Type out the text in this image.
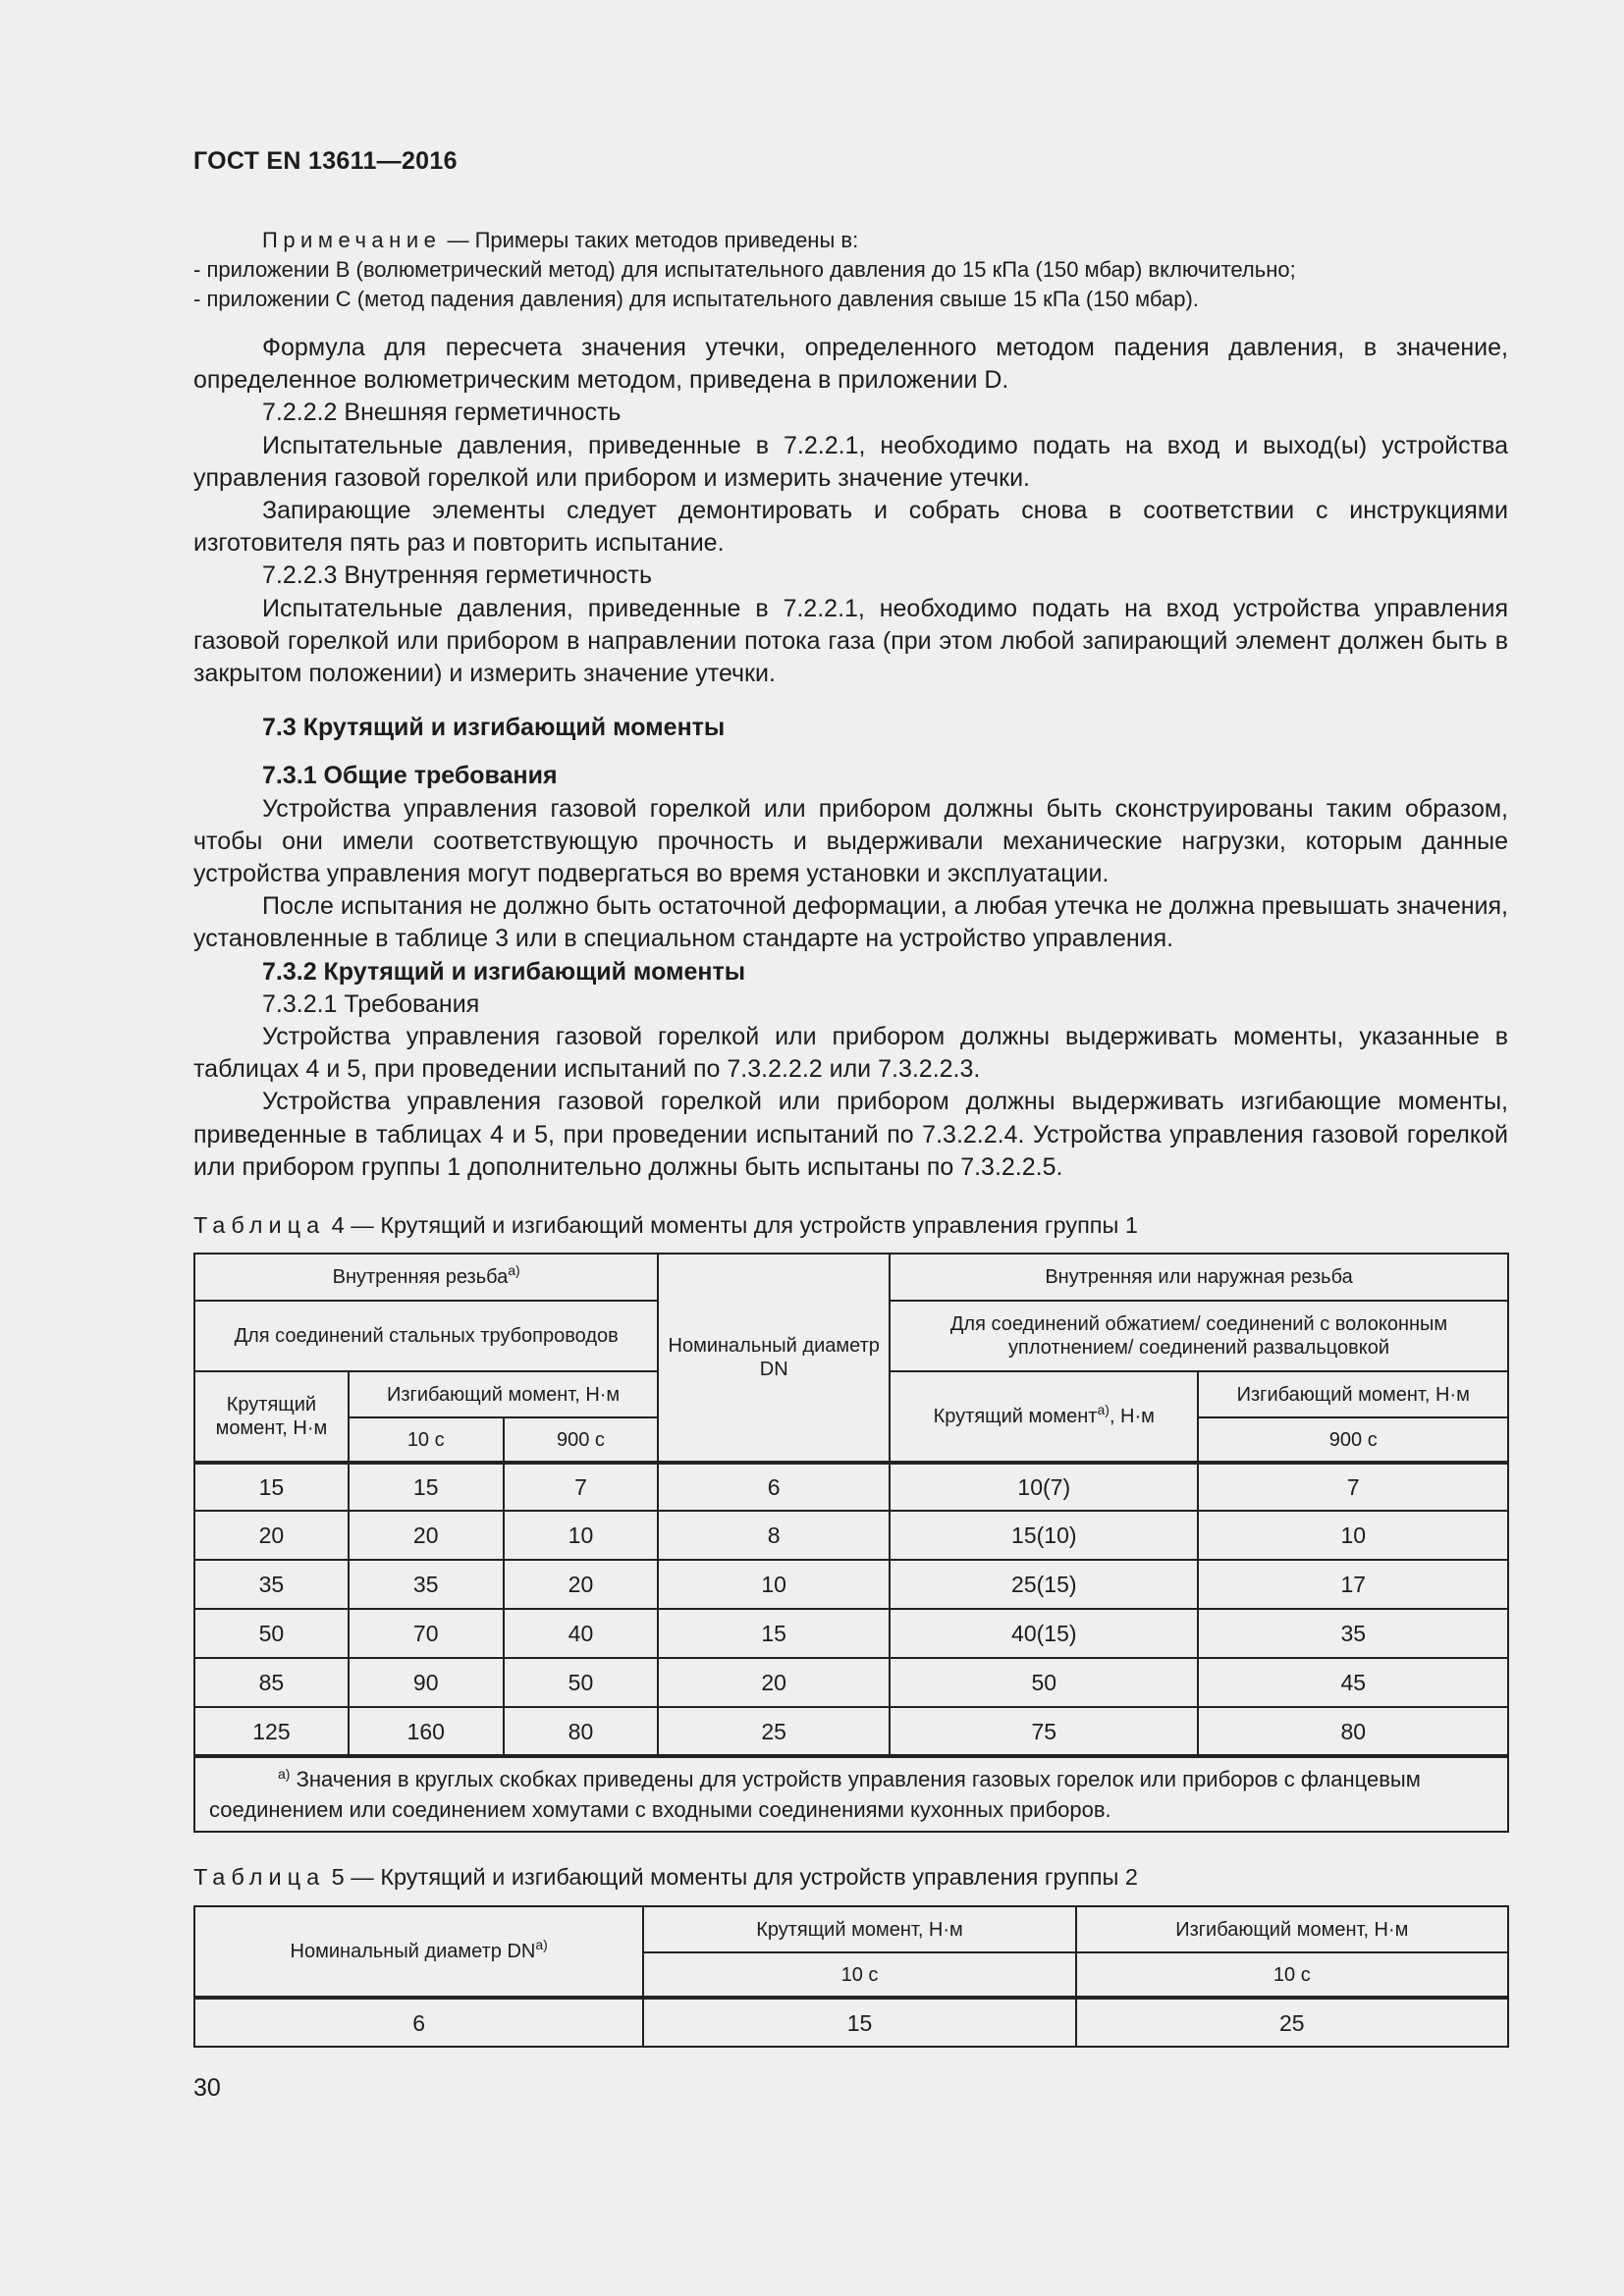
ГОСТ EN 13611—2016

Примечание — Примеры таких методов приведены в:

- приложении B (волюметрический метод) для испытательного давления до 15 кПа (150 мбар) включительно;

- приложении C (метод падения давления) для испытательного давления свыше 15 кПа (150 мбар).

Формула для пересчета значения утечки, определенного методом падения давления, в значение, определенное волюметрическим методом, приведена в приложении D.

7.2.2.2 Внешняя герметичность

Испытательные давления, приведенные в 7.2.2.1, необходимо подать на вход и выход(ы) устройства управления газовой горелкой или прибором и измерить значение утечки.

Запирающие элементы следует демонтировать и собрать снова в соответствии с инструкциями изготовителя пять раз и повторить испытание.

7.2.2.3 Внутренняя герметичность

Испытательные давления, приведенные в 7.2.2.1, необходимо подать на вход устройства управления газовой горелкой или прибором в направлении потока газа (при этом любой запирающий элемент должен быть в закрытом положении) и измерить значение утечки.

7.3 Крутящий и изгибающий моменты

7.3.1 Общие требования

Устройства управления газовой горелкой или прибором должны быть сконструированы таким образом, чтобы они имели соответствующую прочность и выдерживали механические нагрузки, которым данные устройства управления могут подвергаться во время установки и эксплуатации.

После испытания не должно быть остаточной деформации, а любая утечка не должна превышать значения, установленные в таблице 3 или в специальном стандарте на устройство управления.

7.3.2 Крутящий и изгибающий моменты

7.3.2.1 Требования

Устройства управления газовой горелкой или прибором должны выдерживать моменты, указанные в таблицах 4 и 5, при проведении испытаний по 7.3.2.2.2 или 7.3.2.2.3.

Устройства управления газовой горелкой или прибором должны выдерживать изгибающие моменты, приведенные в таблицах 4 и 5, при проведении испытаний по 7.3.2.2.4. Устройства управления газовой горелкой или прибором группы 1 дополнительно должны быть испытаны по 7.3.2.2.5.

Таблица 4 — Крутящий и изгибающий моменты для устройств управления группы 1
Внутренняя резьба$^{а)}$			Номинальный диаметр DN	Внутренняя или наружная резьба	
Для соединений стальных трубопроводов				Для соединений обжатием/ соединений с волоконным уплотнением/ соединений развальцовкой	
Крутящий момент, Н·м	Изгибающий момент, Н·м			Крутящий момент$^{а)}$, Н·м	Изгибающий момент, Н·м
	10 с	900 с			900 с
15	15	7	6	10(7)	7
20	20	10	8	15(10)	10
35	35	20	10	25(15)	17
50	70	40	15	40(15)	35
85	90	50	20	50	45
125	160	80	25	75	80
$^{а)}$ Значения в круглых скобках приведены для устройств управления газовых горелок или приборов с фланцевым соединением или соединением хомутами с входными соединениями кухонных приборов.					
Таблица 5 — Крутящий и изгибающий моменты для устройств управления группы 2
Номинальный диаметр $DN^{а)}$	Крутящий момент, Н·м	Изгибающий момент, Н·м
	10 с	10 с
6	15	25
30
